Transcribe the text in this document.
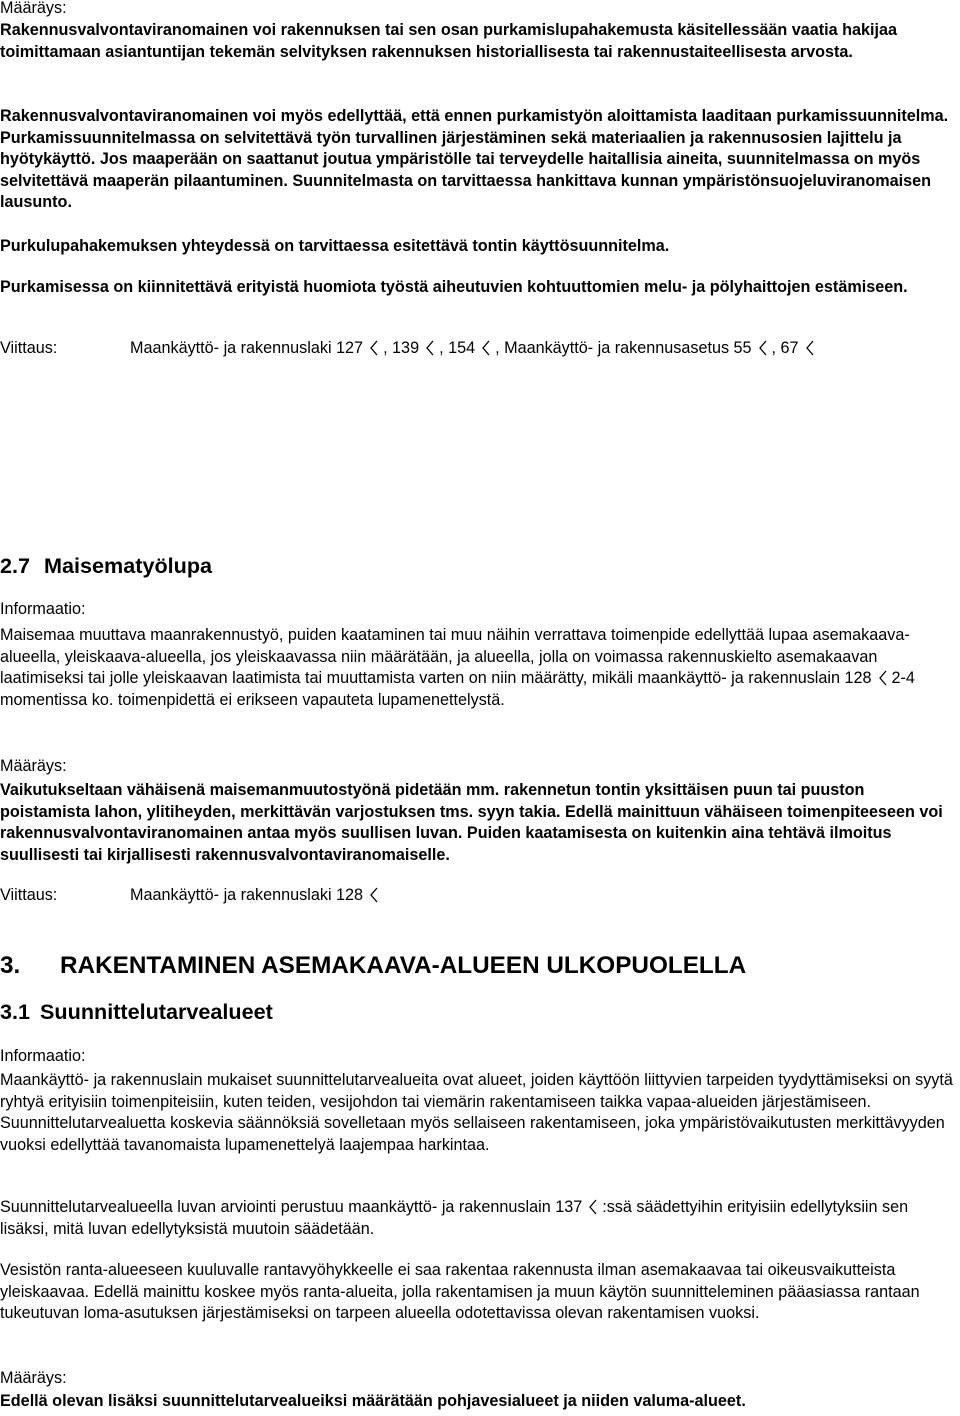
Määräys:
Rakennusvalvontaviranomainen voi rakennuksen tai sen osan purkamislupahakemusta käsitellessään vaatia hakijaa toimittamaan asiantuntijan tekemän selvityksen rakennuksen historiallisesta tai rakennustaiteellisesta arvosta.
Rakennusvalvontaviranomainen voi myös edellyttää, että ennen purkamistyön aloittamista laaditaan purkamissuunnitelma. Purkamissuunnitelmassa on selvitettävä työn turvallinen järjestäminen sekä materiaalien ja rakennusosien lajittelu ja hyötykäyttö. Jos maaperään on saattanut joutua ympäristölle tai terveydelle haitallisia aineita, suunnitelmassa on myös selvitettävä maaperän pilaantuminen. Suunnitelmasta on tarvittaessa hankittava kunnan ympäristönsuojeluviranomaisen lausunto.
Purkulupahakemuksen yhteydessä on tarvittaessa esitettävä tontin käyttösuunnitelma.
Purkamisessa on kiinnitettävä erityistä huomiota työstä aiheutuvien kohtuuttomien melu- ja pölyhaittojen estämiseen.
Viittaus:	Maankäyttö- ja rakennuslaki 127 , 139 , 154 , Maankäyttö- ja rakennusasetus 55 , 67
2.7 Maisematyölupa
Informaatio:
Maisemaa muuttava maanrakennustyö, puiden kaataminen tai muu näihin verrattava toimenpide edellyttää lupaa asemakaava-alueella, yleiskaava-alueella, jos yleiskaavassa niin määrätään, ja alueella, jolla on voimassa rakennuskielto asemakaavan laatimiseksi tai jolle yleiskaavan laatimista tai muuttamista varten on niin määrätty, mikäli maankäyttö- ja rakennuslain 128 2-4 momentissa ko. toimenpidettä ei erikseen vapauteta lupamenettelystä.
Määräys:
Vaikutukseltaan vähäisenä maisemanmuutostyönä pidetään mm. rakennetun tontin yksittäisen puun tai puuston poistamista lahon, ylitiheyden, merkittävän varjostuksen tms. syyn takia. Edellä mainittuun vähäiseen toimenpiteeseen voi rakennusvalvontaviranomainen antaa myös suullisen luvan. Puiden kaatamisesta on kuitenkin aina tehtävä ilmoitus suullisesti tai kirjallisesti rakennusvalvontaviranomaiselle.
Viittaus:	Maankäyttö- ja rakennuslaki 128
3. RAKENTAMINEN ASEMAKAAVA-ALUEEN ULKOPUOLELLA
3.1 Suunnittelutarvealueet
Informaatio:
Maankäyttö- ja rakennuslain mukaiset suunnittelutarvealueita ovat alueet, joiden käyttöön liittyvien tarpeiden tyydyttämiseksi on syytä ryhtyä erityisiin toimenpiteisiin, kuten teiden, vesijohdon tai viemärin rakentamiseen taikka vapaa-alueiden järjestämiseen. Suunnittelutarvealuetta koskevia säännöksiä sovelletaan myös sellaiseen rakentamiseen, joka ympäristövaikutusten merkittävyyden vuoksi edellyttää tavanomaista lupamenettelyä laajempaa harkintaa.
Suunnittelutarvealueella luvan arviointi perustuu maankäyttö- ja rakennuslain 137 :ssä säädettyihin erityisiin edellytyksiin sen lisäksi, mitä luvan edellytyksistä muutoin säädetään.
Vesistön ranta-alueeseen kuuluvalle rantavyöhykkeelle ei saa rakentaa rakennusta ilman asemakaavaa tai oikeusvaikutteista yleiskaavaa. Edellä mainittu koskee myös ranta-alueita, jolla rakentamisen ja muun käytön suunnitteleminen pääasiassa rantaan tukeutuvan loma-asutuksen järjestämiseksi on tarpeen alueella odotettavissa olevan rakentamisen vuoksi.
Määräys:
Edellä olevan lisäksi suunnittelutarvealueiksi määrätään pohjavesialueet ja niiden valuma-alueet.
